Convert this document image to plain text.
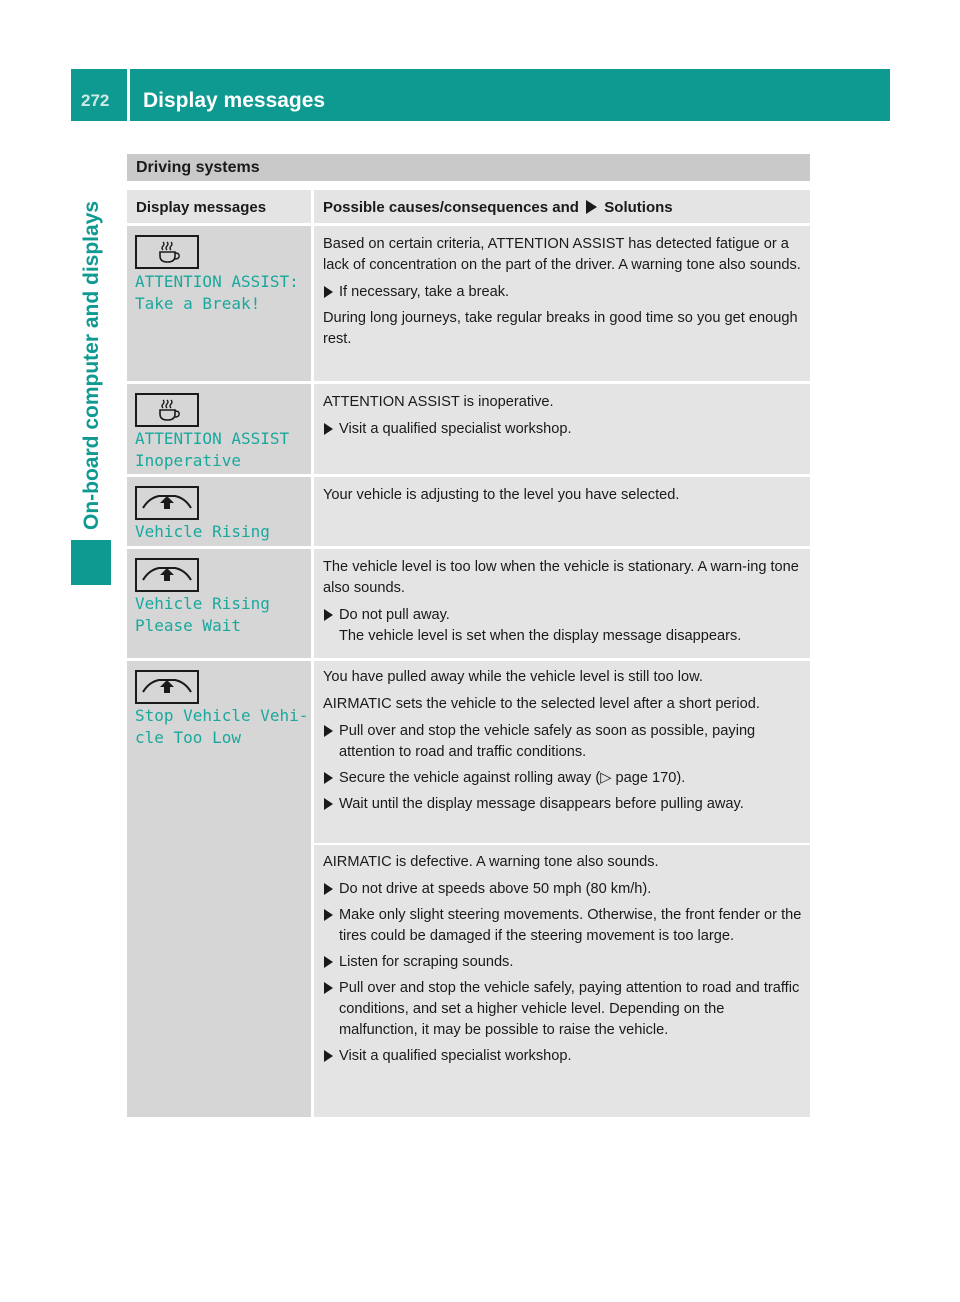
272 Display messages
On-board computer and displays
Driving systems
Display messages	Possible causes/consequences and Solutions
ATTENTION ASSIST:
Take a Break!

Based on certain criteria, ATTENTION ASSIST has detected fatigue or a lack of concentration on the part of the driver. A warning tone also sounds.

If necessary, take a break.

During long journeys, take regular breaks in good time so you get enough rest.

ATTENTION ASSIST
Inoperative

ATTENTION ASSIST is inoperative.

Visit a qualified specialist workshop.

Vehicle Rising

Your vehicle is adjusting to the level you have selected.

Vehicle Rising
Please Wait

The vehicle level is too low when the vehicle is stationary. A warn-ing tone also sounds.

Do not pull away.

The vehicle level is set when the display message disappears.

Stop Vehicle Vehi‐
cle Too Low

You have pulled away while the vehicle level is still too low.

AIRMATIC sets the vehicle to the selected level after a short period.

Pull over and stop the vehicle safely as soon as possible, paying attention to road and traffic conditions.

Secure the vehicle against rolling away (▷ page 170).

Wait until the display message disappears before pulling away.

AIRMATIC is defective. A warning tone also sounds.

Do not drive at speeds above 50 mph (80 km/h).

Make only slight steering movements. Otherwise, the front fender or the tires could be damaged if the steering movement is too large.

Listen for scraping sounds.

Pull over and stop the vehicle safely, paying attention to road and traffic conditions, and set a higher vehicle level. Depending on the malfunction, it may be possible to raise the vehicle.

Visit a qualified specialist workshop.
